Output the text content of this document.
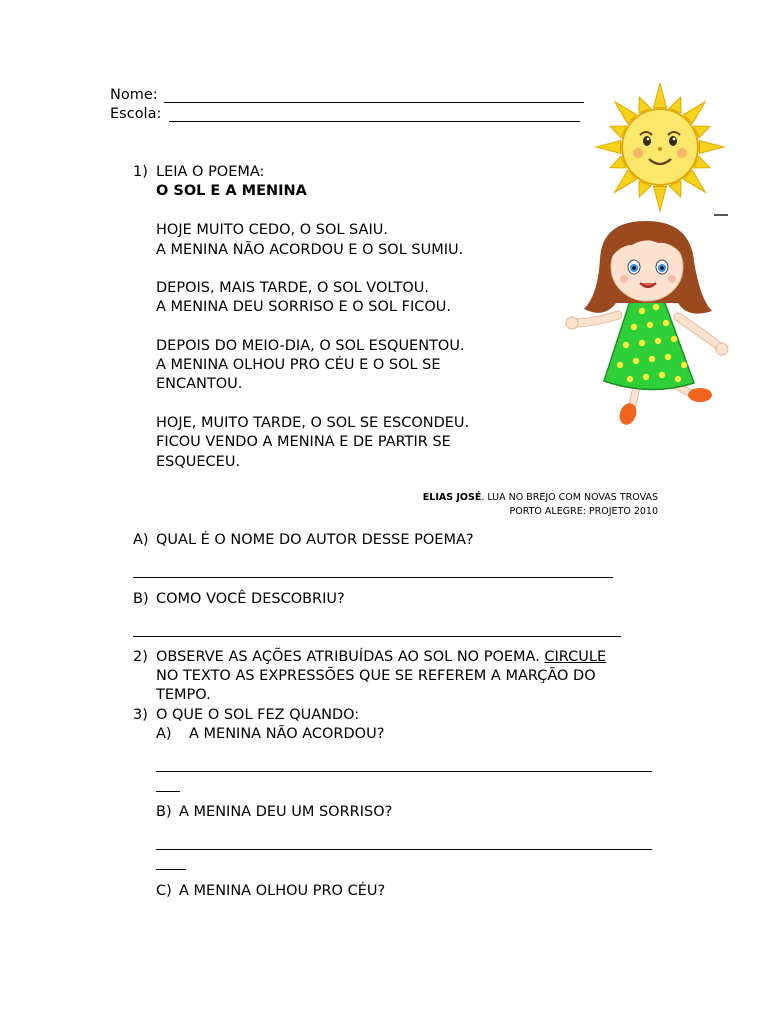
Nome:
Escola:
1) LEIA O POEMA:
O SOL E A MENINA
HOJE MUITO CEDO, O SOL SAIU.
A MENINA NÃO ACORDOU E O SOL SUMIU.
DEPOIS, MAIS TARDE, O SOL VOLTOU.
A MENINA DEU SORRISO E O SOL FICOU.
DEPOIS DO MEIO-DIA, O SOL ESQUENTOU.
A MENINA OLHOU PRO CÉU E O SOL SE
ENCANTOU.
HOJE, MUITO TARDE, O SOL SE ESCONDEU.
FICOU VENDO A MENINA E DE PARTIR SE
ESQUECEU.
ELIAS JOSÉ. LUA NO BREJO COM NOVAS TROVAS
PORTO ALEGRE: PROJETO 2010
A) QUAL É O NOME DO AUTOR DESSE POEMA?
B) COMO VOCÊ DESCOBRIU?
2) OBSERVE AS AÇÕES ATRIBUÍDAS AO SOL NO POEMA. CIRCULE
NO TEXTO AS EXPRESSÕES QUE SE REFEREM A MARÇÃO DO
TEMPO.
3) O QUE O SOL FEZ QUANDO:
A) A MENINA NÃO ACORDOU?
B) A MENINA DEU UM SORRISO?
C) A MENINA OLHOU PRO CÉU?
